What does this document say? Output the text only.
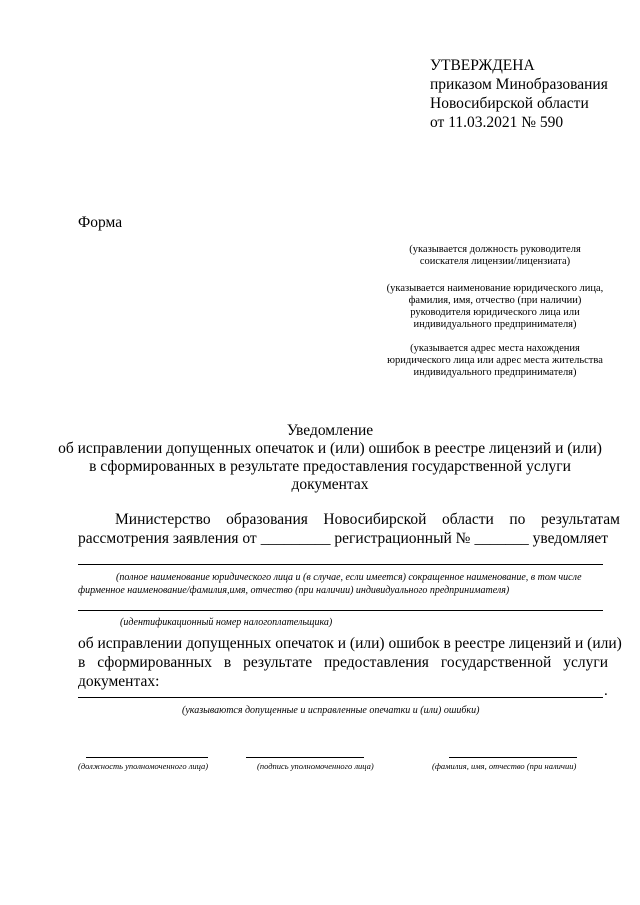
УТВЕРЖДЕНА
приказом Минобразования
Новосибирской области
от 11.03.2021 № 590
Форма
(указывается должность руководителя
соискателя лицензии/лицензиата)
(указывается наименование юридического лица,
фамилия, имя, отчество (при наличии)
руководителя юридического лица или
индивидуального предпринимателя)
(указывается адрес места нахождения
юридического лица или адрес места жительства
индивидуального предпринимателя)
Уведомление
об исправлении допущенных опечаток и (или) ошибок в реестре лицензий и (или)
в сформированных в результате предоставления государственной услуги
документах
Министерство образования Новосибирской области по результатам
рассмотрения заявления от _________ регистрационный № _______ уведомляет
(полное наименование юридического лица и (в случае, если имеется) сокращенное наименование, в том числе
фирменное наименование/фамилия,имя, отчество (при наличии) индивидуального предпринимателя)
(идентификационный номер налогоплательщика)
об исправлении допущенных опечаток и (или) ошибок в реестре лицензий и (или)
в сформированных в результате предоставления государственной услуги
документах:
.
(указываются допущенные и исправленные опечатки и (или) ошибки)
(должность уполномоченного лица)	(подпись уполномоченного лица)	(фамилия, имя, отчество (при наличии)
